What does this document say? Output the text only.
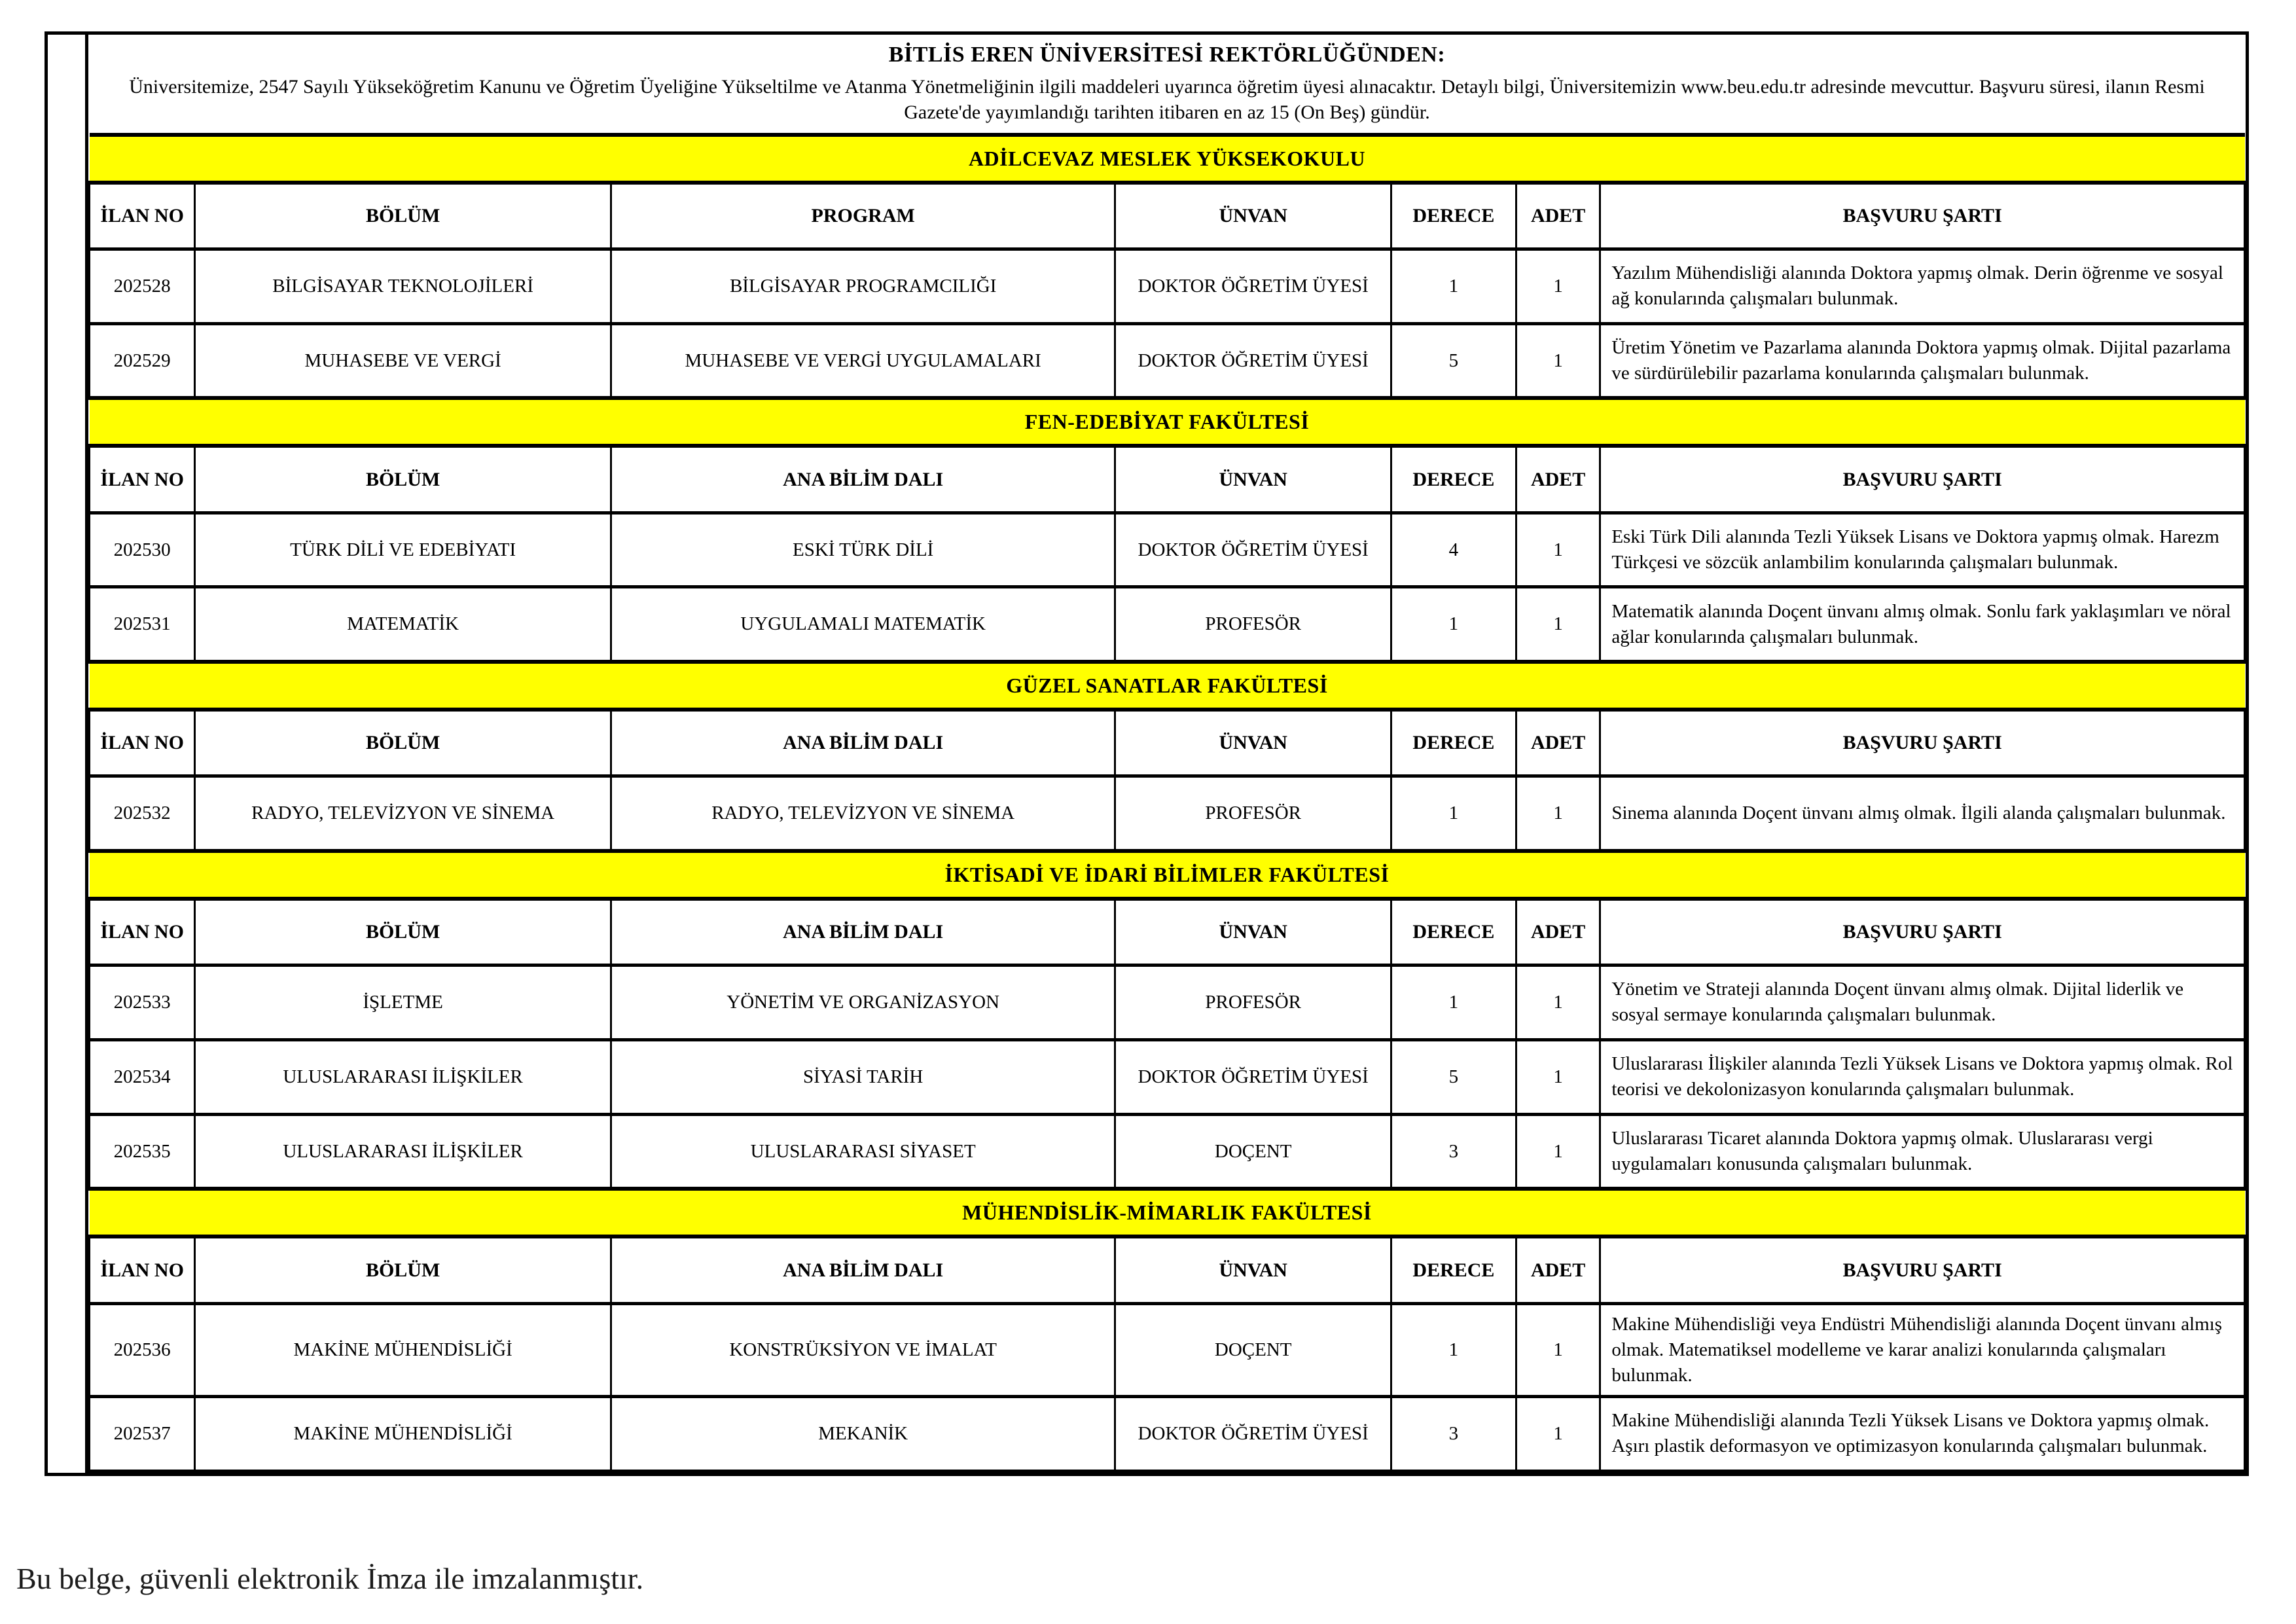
BİTLİS EREN ÜNİVERSİTESİ REKTÖRLÜĞÜNDEN:
Üniversitemize, 2547 Sayılı Yükseköğretim Kanunu ve Öğretim Üyeliğine Yükseltilme ve Atanma Yönetmeliğinin ilgili maddeleri uyarınca öğretim üyesi alınacaktır. Detaylı bilgi, Üniversitemizin www.beu.edu.tr adresinde mevcuttur. Başvuru süresi, ilanın Resmi Gazete'de yayımlandığı tarihten itibaren en az 15 (On Beş) gündür.						

ADİLCEVAZ MESLEK YÜKSEKOKULU						
İLAN NO	BÖLÜM	PROGRAM	ÜNVAN	DERECE	ADET	BAŞVURU ŞARTI
202528	BİLGİSAYAR TEKNOLOJİLERİ	BİLGİSAYAR PROGRAMCILIĞI	DOKTOR ÖĞRETİM ÜYESİ	1	1	Yazılım Mühendisliği alanında Doktora yapmış olmak. Derin öğrenme ve sosyal ağ konularında çalışmaları bulunmak.
202529	MUHASEBE VE VERGİ	MUHASEBE VE VERGİ UYGULAMALARI	DOKTOR ÖĞRETİM ÜYESİ	5	1	Üretim Yönetim ve Pazarlama alanında Doktora yapmış olmak. Dijital pazarlama ve sürdürülebilir pazarlama konularında çalışmaları bulunmak.
FEN-EDEBİYAT FAKÜLTESİ						
İLAN NO	BÖLÜM	ANA BİLİM DALI	ÜNVAN	DERECE	ADET	BAŞVURU ŞARTI
202530	TÜRK DİLİ VE EDEBİYATI	ESKİ TÜRK DİLİ	DOKTOR ÖĞRETİM ÜYESİ	4	1	Eski Türk Dili alanında Tezli Yüksek Lisans ve Doktora yapmış olmak. Harezm Türkçesi ve sözcük anlambilim konularında çalışmaları bulunmak.
202531	MATEMATİK	UYGULAMALI MATEMATİK	PROFESÖR	1	1	Matematik alanında Doçent ünvanı almış olmak. Sonlu fark yaklaşımları ve nöral ağlar konularında çalışmaları bulunmak.
GÜZEL SANATLAR FAKÜLTESİ						
İLAN NO	BÖLÜM	ANA BİLİM DALI	ÜNVAN	DERECE	ADET	BAŞVURU ŞARTI
202532	RADYO, TELEVİZYON VE SİNEMA	RADYO, TELEVİZYON VE SİNEMA	PROFESÖR	1	1	Sinema alanında Doçent ünvanı almış olmak. İlgili alanda çalışmaları bulunmak.
İKTİSADİ VE İDARİ BİLİMLER FAKÜLTESİ						
İLAN NO	BÖLÜM	ANA BİLİM DALI	ÜNVAN	DERECE	ADET	BAŞVURU ŞARTI
202533	İŞLETME	YÖNETİM VE ORGANİZASYON	PROFESÖR	1	1	Yönetim ve Strateji alanında Doçent ünvanı almış olmak. Dijital liderlik ve sosyal sermaye konularında çalışmaları bulunmak.
202534	ULUSLARARASI İLİŞKİLER	SİYASİ TARİH	DOKTOR ÖĞRETİM ÜYESİ	5	1	Uluslararası İlişkiler alanında Tezli Yüksek Lisans ve Doktora yapmış olmak. Rol teorisi ve dekolonizasyon konularında çalışmaları bulunmak.
202535	ULUSLARARASI İLİŞKİLER	ULUSLARARASI SİYASET	DOÇENT	3	1	Uluslararası Ticaret alanında Doktora yapmış olmak. Uluslararası vergi uygulamaları konusunda çalışmaları bulunmak.
MÜHENDİSLİK-MİMARLIK FAKÜLTESİ						
İLAN NO	BÖLÜM	ANA BİLİM DALI	ÜNVAN	DERECE	ADET	BAŞVURU ŞARTI
202536	MAKİNE MÜHENDİSLİĞİ	KONSTRÜKSİYON VE İMALAT	DOÇENT	1	1	Makine Mühendisliği veya Endüstri Mühendisliği alanında Doçent ünvanı almış olmak. Matematiksel modelleme ve karar analizi konularında çalışmaları bulunmak.
202537	MAKİNE MÜHENDİSLİĞİ	MEKANİK	DOKTOR ÖĞRETİM ÜYESİ	3	1	Makine Mühendisliği alanında Tezli Yüksek Lisans ve Doktora yapmış olmak. Aşırı plastik deformasyon ve optimizasyon konularında çalışmaları bulunmak.
Bu belge, güvenli elektronik İmza ile imzalanmıştır.
